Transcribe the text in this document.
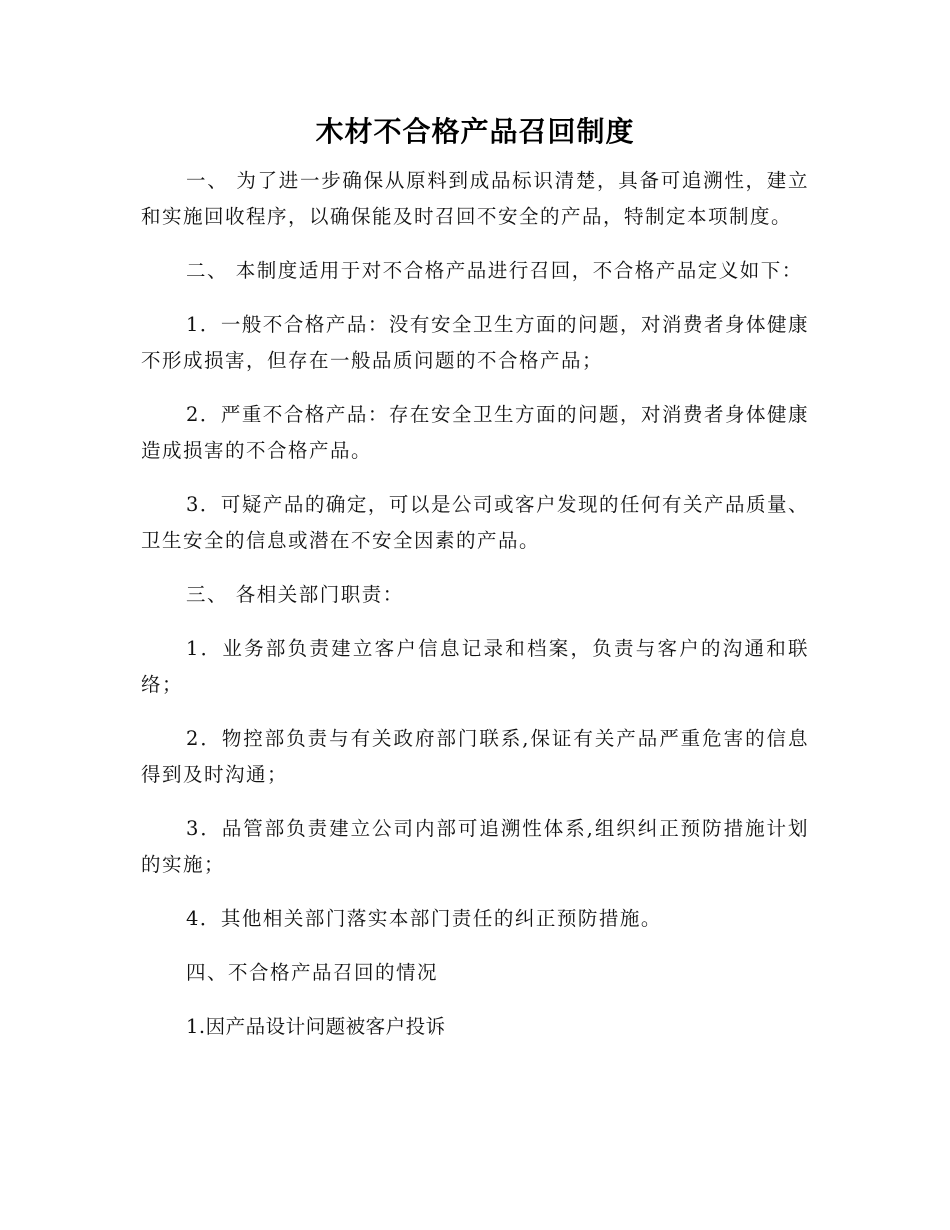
木材不合格产品召回制度

一、 为了进一步确保从原料到成品标识清楚，具备可追溯性，建立和实施回收程序，以确保能及时召回不安全的产品，特制定本项制度。

二、 本制度适用于对不合格产品进行召回，不合格产品定义如下：

1．一般不合格产品：没有安全卫生方面的问题，对消费者身体健康不形成损害，但存在一般品质问题的不合格产品；

2．严重不合格产品：存在安全卫生方面的问题，对消费者身体健康造成损害的不合格产品。

3．可疑产品的确定，可以是公司或客户发现的任何有关产品质量、卫生安全的信息或潜在不安全因素的产品。

三、 各相关部门职责：

1．业务部负责建立客户信息记录和档案，负责与客户的沟通和联络；

2．物控部负责与有关政府部门联系,保证有关产品严重危害的信息得到及时沟通；

3．品管部负责建立公司内部可追溯性体系,组织纠正预防措施计划的实施；

4．其他相关部门落实本部门责任的纠正预防措施。

四、不合格产品召回的情况

1.因产品设计问题被客户投诉
